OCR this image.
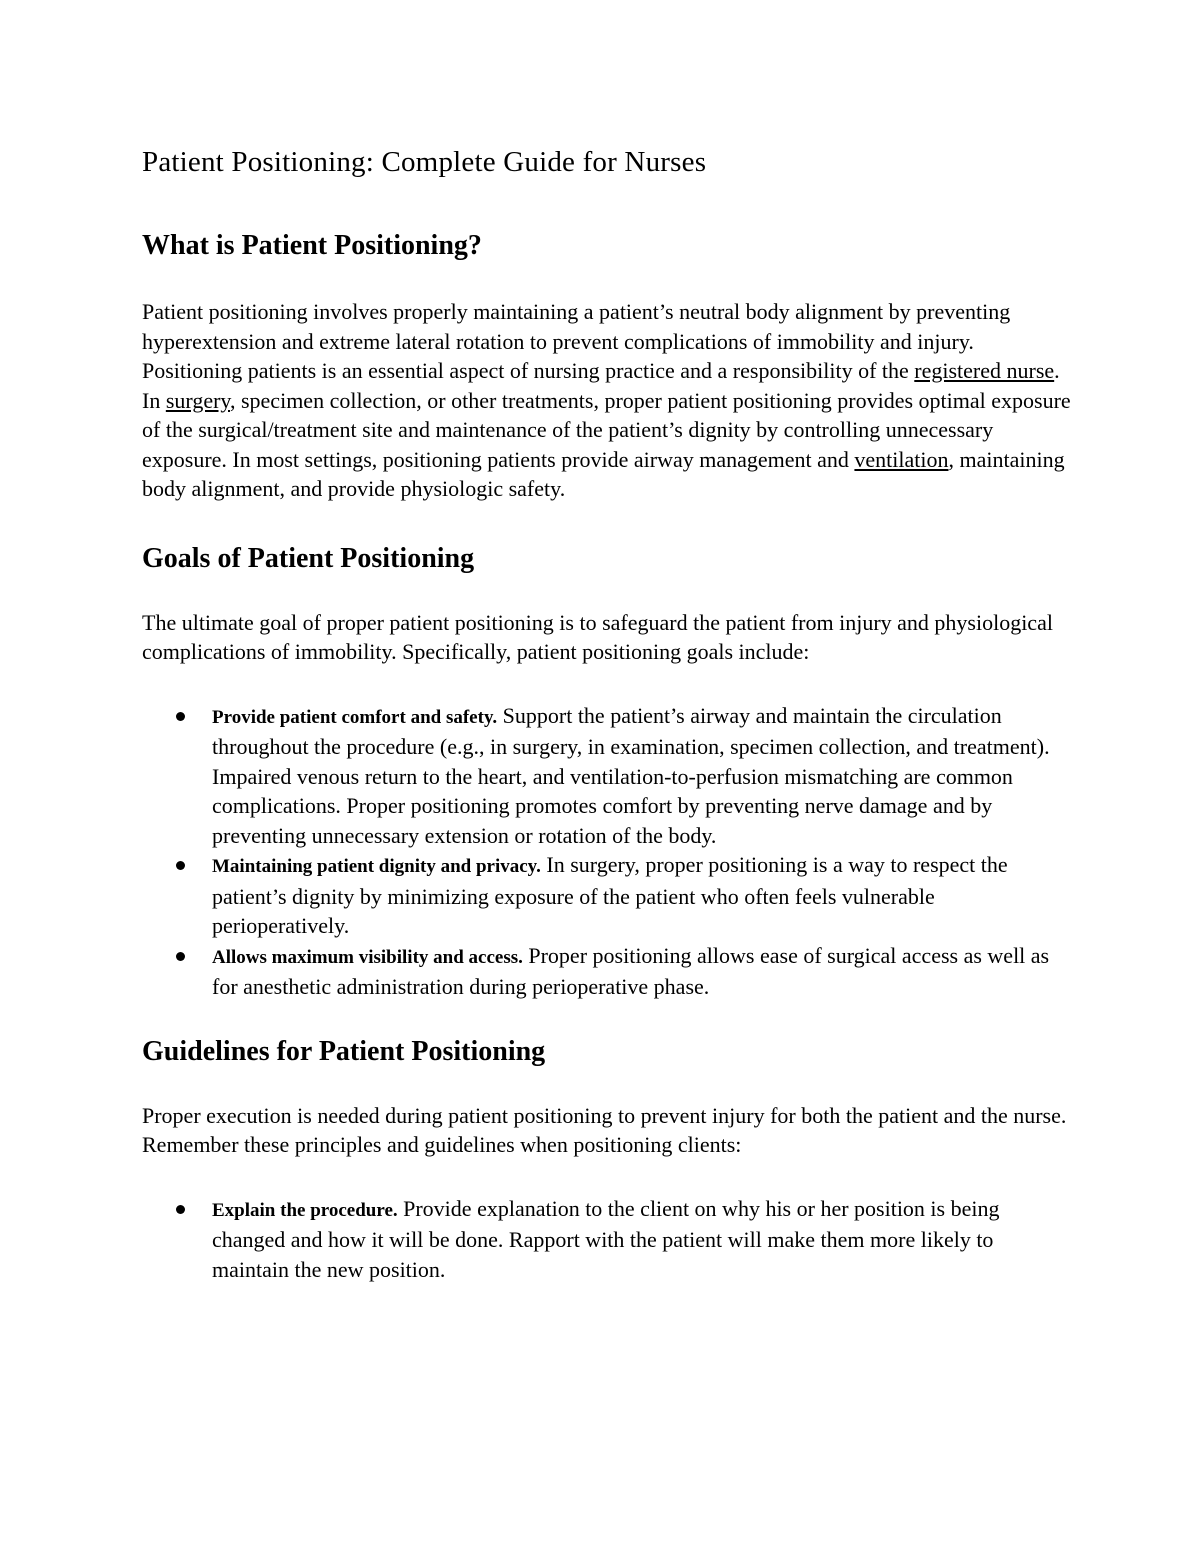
Patient Positioning: Complete Guide for Nurses
What is Patient Positioning?

Patient positioning involves properly maintaining a patient’s neutral body alignment by preventing hyperextension and extreme lateral rotation to prevent complications of immobility and injury. Positioning patients is an essential aspect of nursing practice and a responsibility of the registered nurse. In surgery, specimen collection, or other treatments, proper patient positioning provides optimal exposure of the surgical/treatment site and maintenance of the patient’s dignity by controlling unnecessary exposure. In most settings, positioning patients provide airway management and ventilation, maintaining body alignment, and provide physiologic safety.

Goals of Patient Positioning

The ultimate goal of proper patient positioning is to safeguard the patient from injury and physiological complications of immobility. Specifically, patient positioning goals include:

Provide patient comfort and safety. Support the patient’s airway and maintain the circulation throughout the procedure (e.g., in surgery, in examination, specimen collection, and treatment). Impaired venous return to the heart, and ventilation-to-perfusion mismatching are common complications. Proper positioning promotes comfort by preventing nerve damage and by preventing unnecessary extension or rotation of the body.
Maintaining patient dignity and privacy. In surgery, proper positioning is a way to respect the patient’s dignity by minimizing exposure of the patient who often feels vulnerable perioperatively.
Allows maximum visibility and access. Proper positioning allows ease of surgical access as well as for anesthetic administration during perioperative phase.
Guidelines for Patient Positioning

Proper execution is needed during patient positioning to prevent injury for both the patient and the nurse. Remember these principles and guidelines when positioning clients:

Explain the procedure. Provide explanation to the client on why his or her position is being changed and how it will be done. Rapport with the patient will make them more likely to maintain the new position.
